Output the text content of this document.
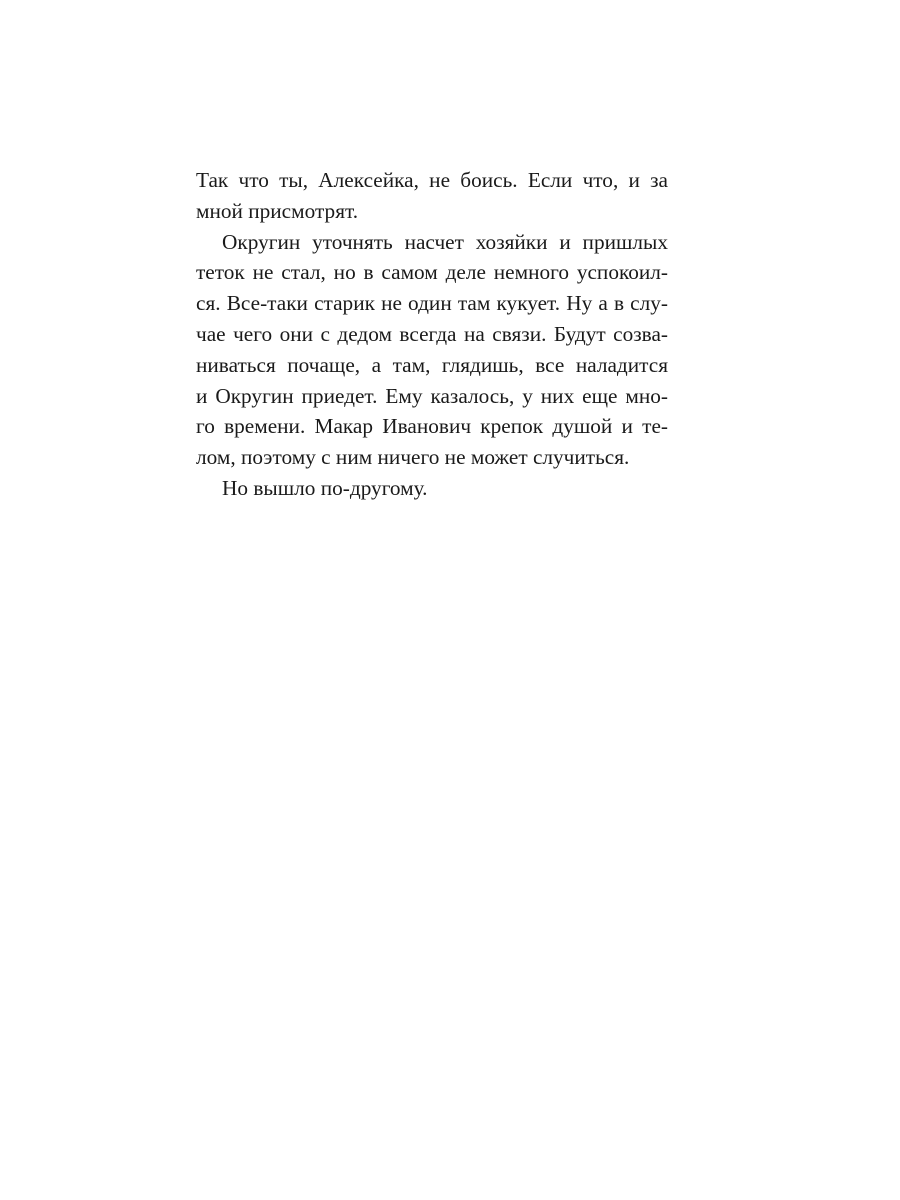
Так что ты, Алексейка, не боись. Если что, и за
мной присмотрят.
Округин уточнять насчет хозяйки и пришлых
теток не стал, но в самом деле немного успокоил-
ся. Все-таки старик не один там кукует. Ну а в слу-
чае чего они с дедом всегда на связи. Будут созва-
ниваться почаще, а там, глядишь, все наладится
и Округин приедет. Ему казалось, у них еще мно-
го времени. Макар Иванович крепок душой и те-
лом, поэтому с ним ничего не может случиться.
Но вышло по-другому.
